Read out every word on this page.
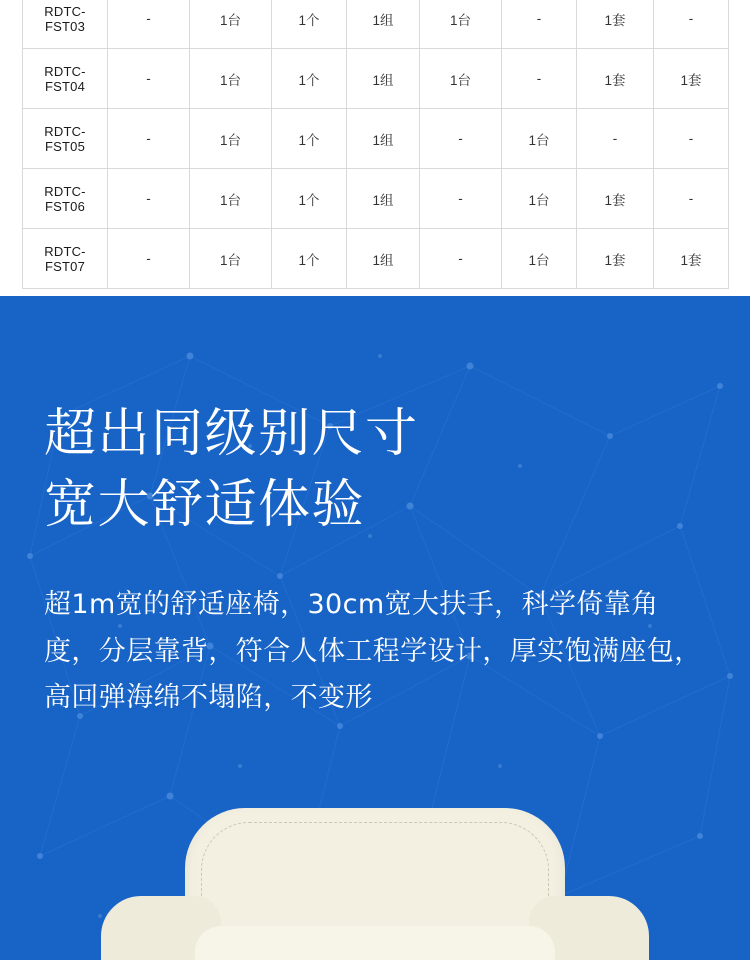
RDTC-FST03	-	1台	1个	1组	1台	-	1套	-
RDTC-FST04	-	1台	1个	1组	1台	-	1套	1套
RDTC-FST05	-	1台	1个	1组	-	1台	-	-
RDTC-FST06	-	1台	1个	1组	-	1台	1套	-
RDTC-FST07	-	1台	1个	1组	-	1台	1套	1套
超出同级别尺寸
宽大舒适体验

超1m宽的舒适座椅，30cm宽大扶手，科学倚靠角度，分层靠背，符合人体工程学设计，厚实饱满座包，高回弹海绵不塌陷，不变形
